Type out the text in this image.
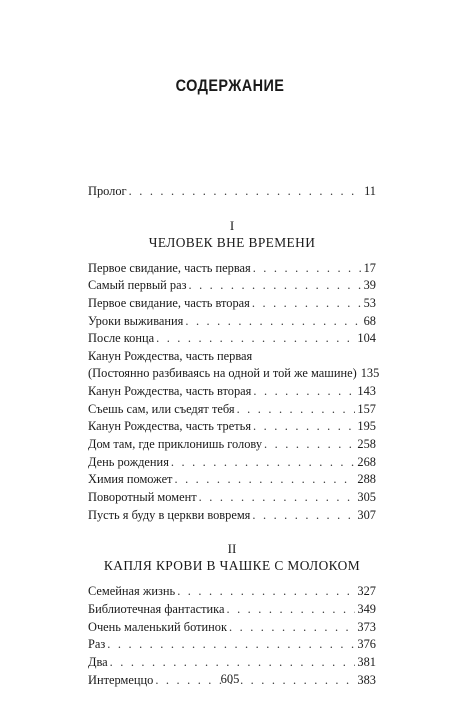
СОДЕРЖАНИЕ
Пролог . . .	11
I
ЧЕЛОВЕК ВНЕ ВРЕМЕНИ
Первое свидание, часть первая . . .	17
Самый первый раз . . .	39
Первое свидание, часть вторая . . .	53
Уроки выживания . . .	68
После конца . . .	104
Канун Рождества, часть первая
(Постоянно разбиваясь на одной и той же машине) 135
Канун Рождества, часть вторая . . .	143
Съешь сам, или съедят тебя . . .	157
Канун Рождества, часть третья . . .	195
Дом там, где приклонишь голову . . .	258
День рождения . . .	268
Химия поможет . . .	288
Поворотный момент . . .	305
Пусть я буду в церкви вовремя . . .	307
II
КАПЛЯ КРОВИ В ЧАШКЕ С МОЛОКОМ
Семейная жизнь . . .	327
Библиотечная фантастика . . .	349
Очень маленький ботинок . . .	373
Раз . . .	376
Два . . .	381
Интермеццо . . .	383
605
